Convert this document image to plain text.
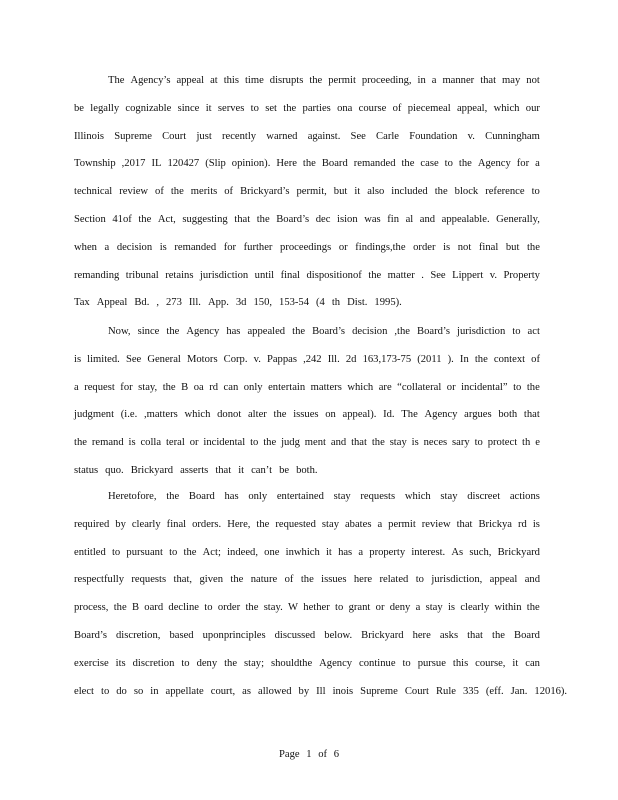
The Agency’s appeal at this time disrupts the permit proceeding, in a manner that may not
be legally cognizable since it serves to set the parties ona course of piecemeal appeal, which our
Illinois Supreme Court just recently warned against. See Carle Foundation v. Cunningham
Township ,2017 IL 120427 (Slip opinion). Here the Board remanded the case to the Agency for a
technical review of the merits of Brickyard’s permit, but it also included the block reference to
Section 41of the Act, suggesting that the Board’s dec ision was fin al and appealable. Generally,
when a decision is remanded for further proceedings or findings,the order is not final but the
remanding tribunal retains jurisdiction until final dispositionof the matter . See Lippert v. Property
Tax Appeal Bd. , 273 Ill. App. 3d 150, 153-54 (4 th Dist. 1995).
Now, since the Agency has appealed the Board’s decision ,the Board’s jurisdiction to act
is limited. See General Motors Corp. v. Pappas ,242 Ill. 2d 163,173-75 (2011 ). In the context of
a request for stay, the B oa rd can only entertain matters which are “collateral or incidental” to the
judgment (i.e. ,matters which donot alter the issues on appeal). Id. The Agency argues both that
the remand is colla teral or incidental to the judg ment and that the stay is neces sary to protect th e
status quo. Brickyard asserts that it can’t be both.
Heretofore, the Board has only entertained stay requests which stay discreet actions
required by clearly final orders. Here, the requested stay abates a permit review that Brickya rd is
entitled to pursuant to the Act; indeed, one inwhich it has a property interest. As such, Brickyard
respectfully requests that, given the nature of the issues here related to jurisdiction, appeal and
process, the B oard decline to order the stay. W hether to grant or deny a stay is clearly within the
Board’s discretion, based uponprinciples discussed below. Brickyard here asks that the Board
exercise its discretion to deny the stay; shouldthe Agency continue to pursue this course, it can
elect to do so in appellate court, as allowed by Ill inois Supreme Court Rule 335 (eff. Jan. 12016).
Page 1 of 6
